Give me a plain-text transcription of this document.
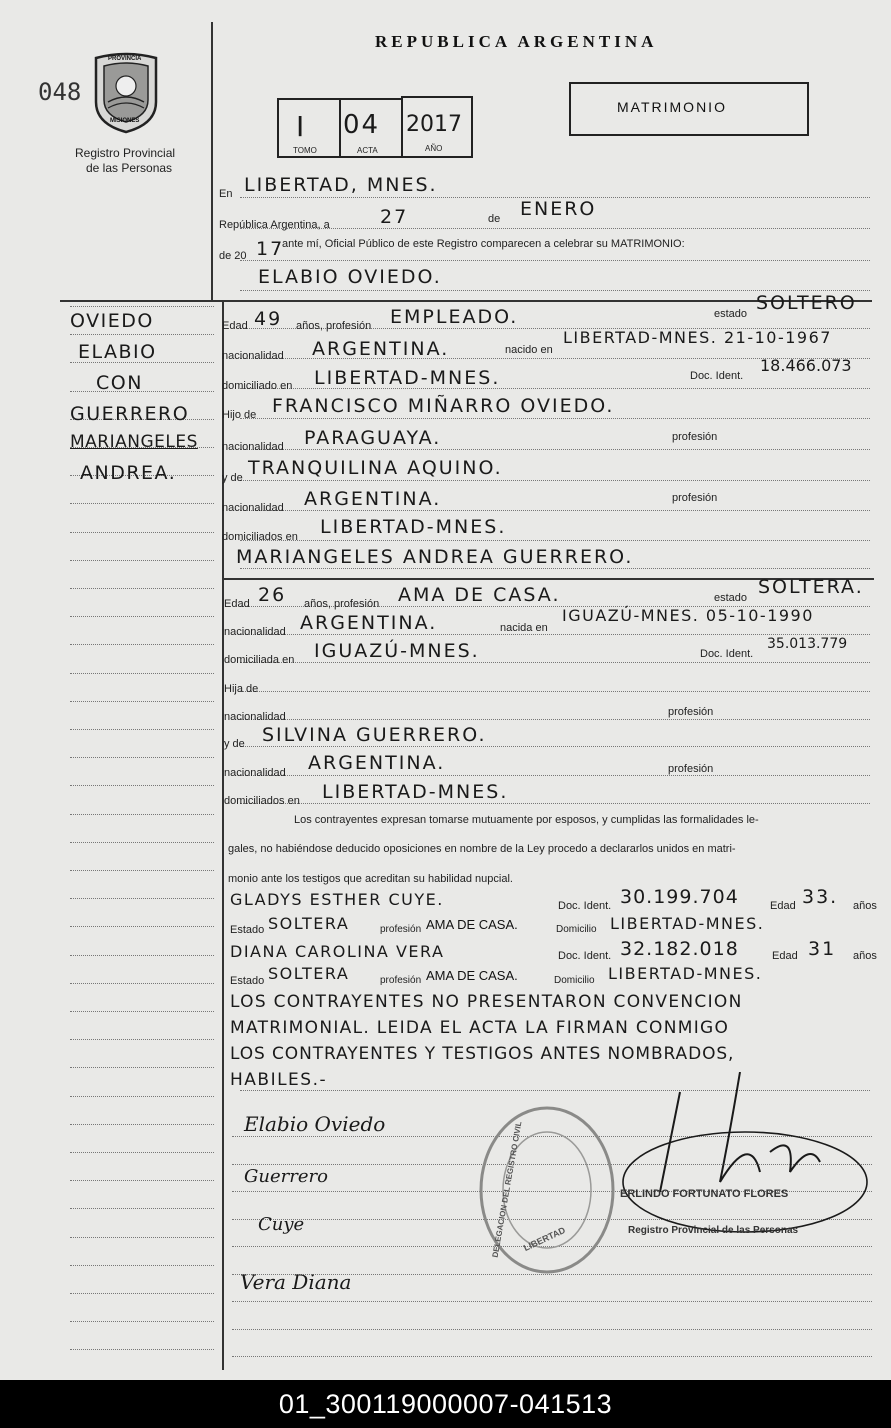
048
PROVINCIA
MISIONES
Registro Provincial
de las Personas
REPUBLICA ARGENTINA
I 04 2017
TOMO	ACTA	AÑO
MATRIMONIO
OVIEDO
ELABIO
CON
GUERRERO
MARIANGELES
ANDREA.
En LIBERTAD, MNES.
República Argentina, a	27	de ENERO
de 20 17
ante mí, Oficial Público de este Registro comparecen a celebrar su MATRIMONIO:
ELABIO OVIEDO.
Edad 49 años, profesión EMPLEADO.	estado SOLTERO
nacionalidad ARGENTINA.	nacido en
LIBERTAD-MNES. 21-10-1967
domiciliado en LIBERTAD-MNES.	Doc. Ident.
18.466.073
Hijo de FRANCISCO MIÑARRO OVIEDO.
nacionalidad PARAGUAYA.	profesión
y de TRANQUILINA AQUINO.
nacionalidad ARGENTINA.	profesión
domiciliados en LIBERTAD-MNES.
MARIANGELES ANDREA GUERRERO.
Edad 26 años, profesión AMA DE CASA.	estado SOLTERA.
nacionalidad ARGENTINA.	nacida en
IGUAZÚ-MNES. 05-10-1990
domiciliada en IGUAZÚ-MNES.	Doc. Ident.
35.013.779
Hija de
nacionalidad	profesión
y de SILVINA GUERRERO.
nacionalidad ARGENTINA.	profesión
domiciliados en LIBERTAD-MNES.
Los contrayentes expresan tomarse mutuamente por esposos, y cumplidas las formalidades le-
gales, no habiéndose deducido oposiciones en nombre de la Ley procedo a declararlos unidos en matri-
monio ante los testigos que acreditan su habilidad nupcial.
GLADYS ESTHER CUYE.	Doc. Ident. 30.199.704	Edad 33. años
Estado SOLTERA	profesión AMA DE CASA.	Domicilio LIBERTAD-MNES.
DIANA CAROLINA VERA	Doc. Ident. 32.182.018	Edad 31 años
Estado SOLTERA	profesión AMA DE CASA.	Domicilio LIBERTAD-MNES.
LOS CONTRAYENTES NO PRESENTARON CONVENCION
MATRIMONIAL. LEIDA EL ACTA LA FIRMAN CONMIGO
LOS CONTRAYENTES Y TESTIGOS ANTES NOMBRADOS,
HABILES.-
Elabio Oviedo
Guerrero
Cuye
Vera Diana
DELEGACION DEL REGISTRO CIVIL
LIBERTAD
ERLINDO FORTUNATO FLORES
Registro Provincial de las Personas
01_300119000007-041513
